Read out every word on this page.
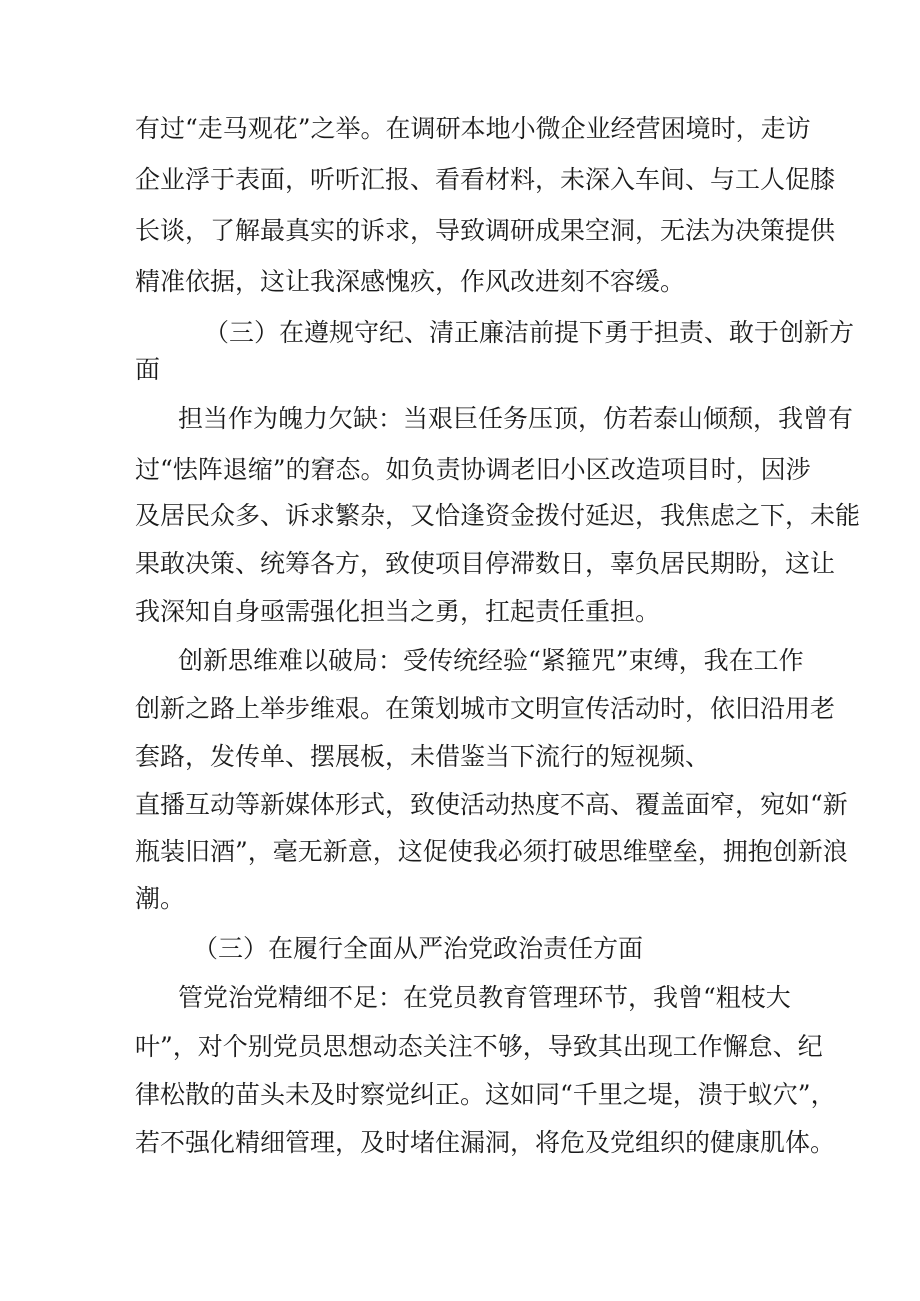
有过“走马观花”之举。在调研本地小微企业经营困境时，走访

企业浮于表面，听听汇报、看看材料，未深入车间、与工人促膝

长谈，了解最真实的诉求，导致调研成果空洞，无法为决策提供

精准依据，这让我深感愧疚，作风改进刻不容缓。

（三）在遵规守纪、清正廉洁前提下勇于担责、敢于创新方

面

担当作为魄力欠缺：当艰巨任务压顶，仿若泰山倾颓，我曾有

过“怯阵退缩”的窘态。如负责协调老旧小区改造项目时，因涉

及居民众多、诉求繁杂，又恰逢资金拨付延迟，我焦虑之下，未能

果敢决策、统筹各方，致使项目停滞数日，辜负居民期盼，这让

我深知自身亟需强化担当之勇，扛起责任重担。

创新思维难以破局：受传统经验“紧箍咒”束缚，我在工作

创新之路上举步维艰。在策划城市文明宣传活动时，依旧沿用老

套路，发传单、摆展板，未借鉴当下流行的短视频、

直播互动等新媒体形式，致使活动热度不高、覆盖面窄，宛如“新

瓶装旧酒”，毫无新意，这促使我必须打破思维壁垒，拥抱创新浪

潮。

（三）在履行全面从严治党政治责任方面

管党治党精细不足：在党员教育管理环节，我曾“粗枝大

叶”，对个别党员思想动态关注不够，导致其出现工作懈怠、纪

律松散的苗头未及时察觉纠正。这如同“千里之堤，溃于蚁穴”，

若不强化精细管理，及时堵住漏洞，将危及党组织的健康肌体。
